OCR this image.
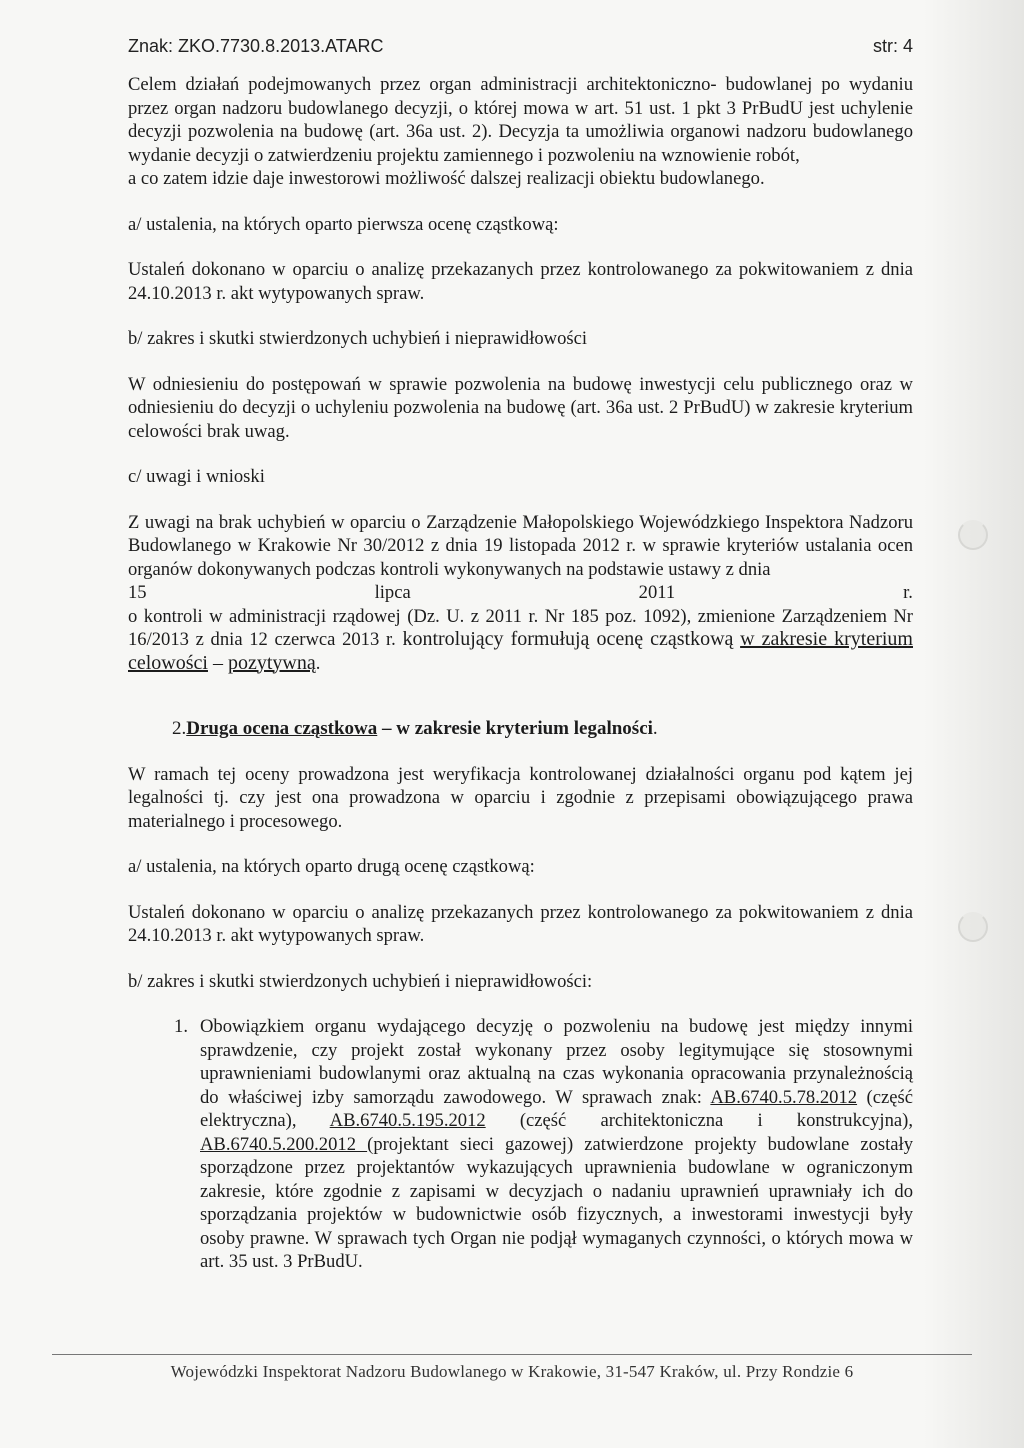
Znak: ZKO.7730.8.2013.ATARC	str: 4

Celem działań podejmowanych przez organ administracji architektoniczno- budowlanej po wydaniu przez organ nadzoru budowlanego decyzji, o której mowa w art. 51 ust. 1 pkt 3 PrBudU jest uchylenie decyzji pozwolenia na budowę (art. 36a ust. 2). Decyzja ta umożliwia organowi nadzoru budowlanego wydanie decyzji o zatwierdzeniu projektu zamiennego i pozwoleniu na wznowienie robót,

a co zatem idzie daje inwestorowi możliwość dalszej realizacji obiektu budowlanego.

a/ ustalenia, na których oparto pierwsza ocenę cząstkową:

Ustaleń dokonano w oparciu o analizę przekazanych przez kontrolowanego za pokwitowaniem z dnia 24.10.2013 r. akt wytypowanych spraw.

b/ zakres i skutki stwierdzonych uchybień i nieprawidłowości

W odniesieniu do postępowań w sprawie pozwolenia na budowę inwestycji celu publicznego oraz w odniesieniu do decyzji o uchyleniu pozwolenia na budowę (art. 36a ust. 2 PrBudU) w zakresie kryterium celowości brak uwag.

c/ uwagi i wnioski

Z uwagi na brak uchybień w oparciu o Zarządzenie Małopolskiego Wojewódzkiego Inspektora Nadzoru Budowlanego w Krakowie Nr 30/2012 z dnia 19 listopada 2012 r. w sprawie kryteriów ustalania ocen organów dokonywanych podczas kontroli wykonywanych na podstawie ustawy z dnia

15	lipca	2011	r.

o kontroli w administracji rządowej (Dz. U. z 2011 r. Nr 185 poz. 1092), zmienione Zarządzeniem Nr 16/2013 z dnia 12 czerwca 2013 r. kontrolujący formułują ocenę cząstkową w zakresie kryterium celowości – pozytywną.

2.Druga ocena cząstkowa – w zakresie kryterium legalności.

W ramach tej oceny prowadzona jest weryfikacja kontrolowanej działalności organu pod kątem jej legalności tj. czy jest ona prowadzona w oparciu i zgodnie z przepisami obowiązującego prawa materialnego i procesowego.

a/ ustalenia, na których oparto drugą ocenę cząstkową:

Ustaleń dokonano w oparciu o analizę przekazanych przez kontrolowanego za pokwitowaniem z dnia 24.10.2013 r. akt wytypowanych spraw.

b/ zakres i skutki stwierdzonych uchybień i nieprawidłowości:

1. Obowiązkiem organu wydającego decyzję o pozwoleniu na budowę jest między innymi sprawdzenie, czy projekt został wykonany przez osoby legitymujące się stosownymi uprawnieniami budowlanymi oraz aktualną na czas wykonania opracowania przynależnością do właściwej izby samorządu zawodowego. W sprawach znak: AB.6740.5.78.2012 (część elektryczna), AB.6740.5.195.2012 (część architektoniczna i konstrukcyjna), AB.6740.5.200.2012 (projektant sieci gazowej) zatwierdzone projekty budowlane zostały sporządzone przez projektantów wykazujących uprawnienia budowlane w ograniczonym zakresie, które zgodnie z zapisami w decyzjach o nadaniu uprawnień uprawniały ich do sporządzania projektów w budownictwie osób fizycznych, a inwestorami inwestycji były osoby prawne. W sprawach tych Organ nie podjął wymaganych czynności, o których mowa w art. 35 ust. 3 PrBudU.
Wojewódzki Inspektorat Nadzoru Budowlanego w Krakowie, 31-547 Kraków, ul. Przy Rondzie 6
